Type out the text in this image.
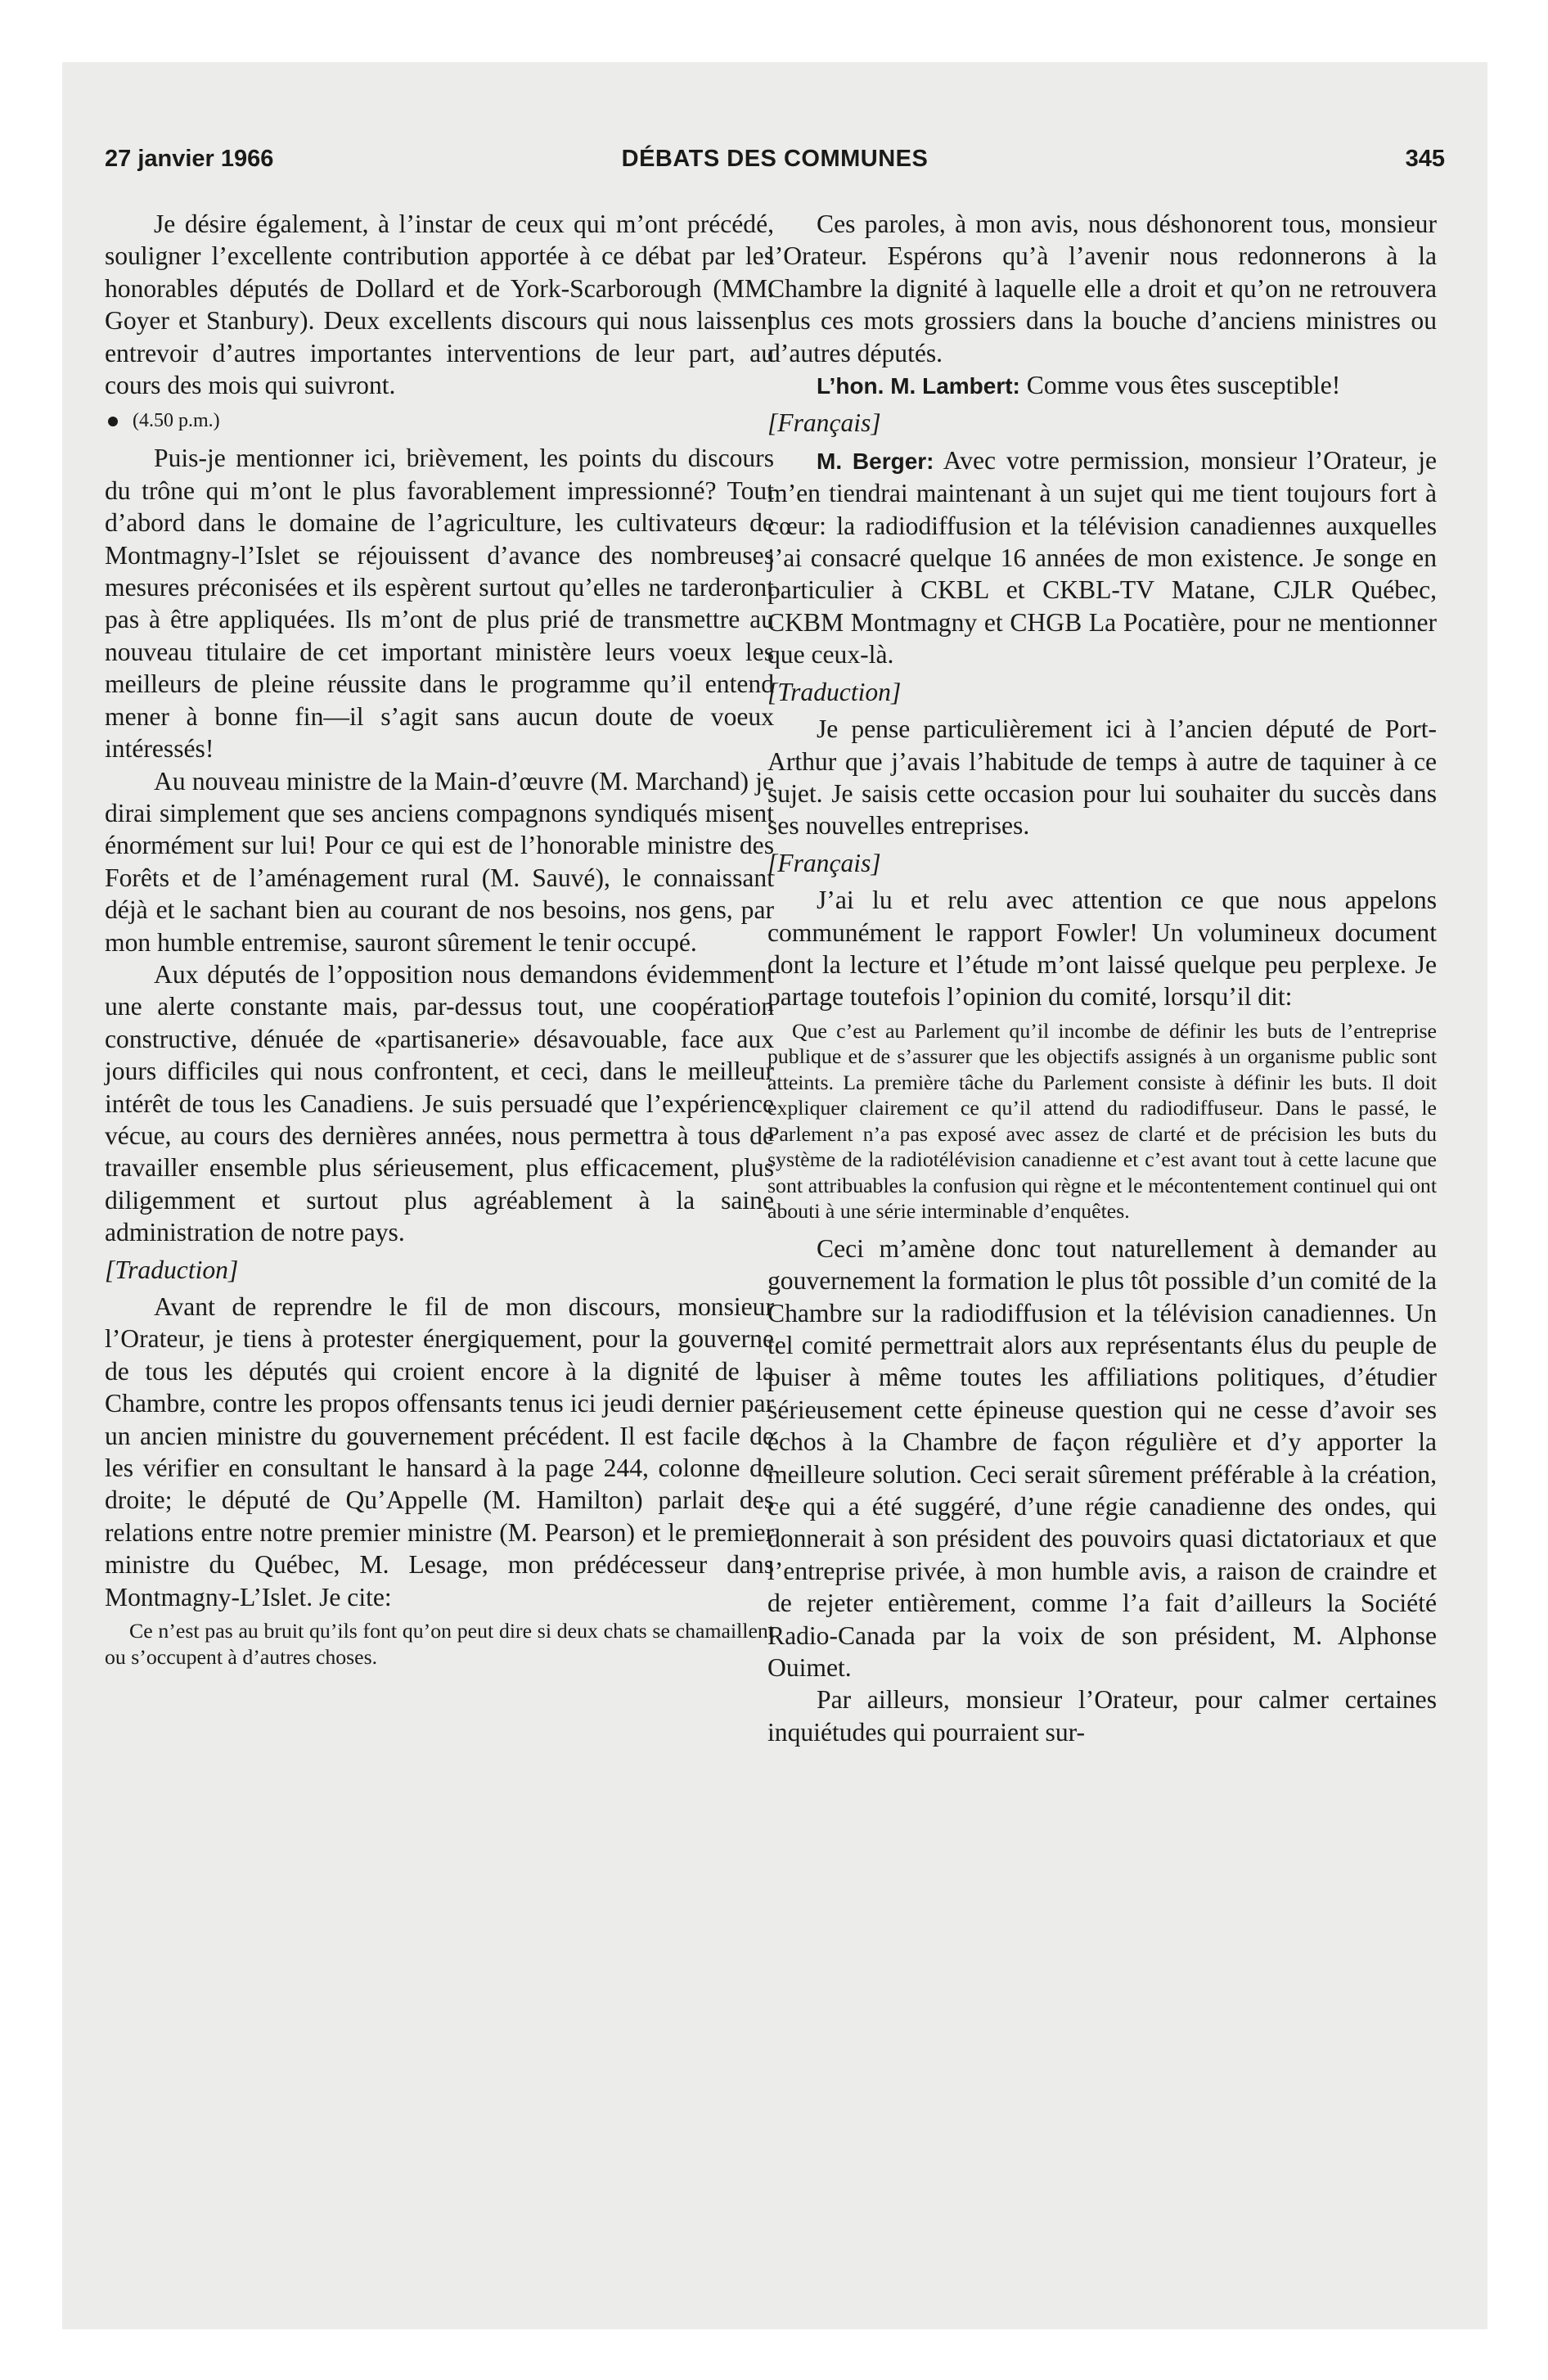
27 janvier 1966	DÉBATS DES COMMUNES	345

Je désire également, à l’instar de ceux qui m’ont précédé, souligner l’excellente contribution apportée à ce débat par les honorables députés de Dollard et de York-Scarborough (MM. Goyer et Stanbury). Deux excellents discours qui nous laissent entrevoir d’autres importantes interventions de leur part, au cours des mois qui suivront.

(4.50 p.m.)

Puis-je mentionner ici, brièvement, les points du discours du trône qui m’ont le plus favorablement impressionné? Tout d’abord dans le domaine de l’agriculture, les cultivateurs de Montmagny-l’Islet se réjouissent d’avance des nombreuses mesures préconisées et ils espèrent surtout qu’elles ne tarderont pas à être appliquées. Ils m’ont de plus prié de transmettre au nouveau titulaire de cet important ministère leurs voeux les meilleurs de pleine réussite dans le programme qu’il entend mener à bonne fin—il s’agit sans aucun doute de voeux intéressés!

Au nouveau ministre de la Main-d’œuvre (M. Marchand) je dirai simplement que ses anciens compagnons syndiqués misent énormément sur lui! Pour ce qui est de l’honorable ministre des Forêts et de l’aménagement rural (M. Sauvé), le connaissant déjà et le sachant bien au courant de nos besoins, nos gens, par mon humble entremise, sauront sûrement le tenir occupé.

Aux députés de l’opposition nous demandons évidemment une alerte constante mais, par-dessus tout, une coopération constructive, dénuée de «partisanerie» désavouable, face aux jours difficiles qui nous confrontent, et ceci, dans le meilleur intérêt de tous les Canadiens. Je suis persuadé que l’expérience vécue, au cours des dernières années, nous permettra à tous de travailler ensemble plus sérieusement, plus efficacement, plus diligemment et surtout plus agréablement à la saine administration de notre pays.

[Traduction]

Avant de reprendre le fil de mon discours, monsieur l’Orateur, je tiens à protester énergiquement, pour la gouverne de tous les députés qui croient encore à la dignité de la Chambre, contre les propos offensants tenus ici jeudi dernier par un ancien ministre du gouvernement précédent. Il est facile de les vérifier en consultant le hansard à la page 244, colonne de droite; le député de Qu’Appelle (M. Hamilton) parlait des relations entre notre premier ministre (M. Pearson) et le premier ministre du Québec, M. Lesage, mon prédécesseur dans Montmagny-L’Islet. Je cite:

Ce n’est pas au bruit qu’ils font qu’on peut dire si deux chats se chamaillent ou s’occupent à d’autres choses.

Ces paroles, à mon avis, nous déshonorent tous, monsieur l’Orateur. Espérons qu’à l’avenir nous redonnerons à la Chambre la dignité à laquelle elle a droit et qu’on ne retrouvera plus ces mots grossiers dans la bouche d’anciens ministres ou d’autres députés.

L’hon. M. Lambert: Comme vous êtes susceptible!

[Français]

M. Berger: Avec votre permission, monsieur l’Orateur, je m’en tiendrai maintenant à un sujet qui me tient toujours fort à cœur: la radiodiffusion et la télévision canadiennes auxquelles j’ai consacré quelque 16 années de mon existence. Je songe en particulier à CKBL et CKBL-TV Matane, CJLR Québec, CKBM Montmagny et CHGB La Pocatière, pour ne mentionner que ceux-là.

[Traduction]

Je pense particulièrement ici à l’ancien député de Port-Arthur que j’avais l’habitude de temps à autre de taquiner à ce sujet. Je saisis cette occasion pour lui souhaiter du succès dans ses nouvelles entreprises.

[Français]

J’ai lu et relu avec attention ce que nous appelons communément le rapport Fowler! Un volumineux document dont la lecture et l’étude m’ont laissé quelque peu perplexe. Je partage toutefois l’opinion du comité, lorsqu’il dit:

Que c’est au Parlement qu’il incombe de définir les buts de l’entreprise publique et de s’assurer que les objectifs assignés à un organisme public sont atteints. La première tâche du Parlement consiste à définir les buts. Il doit expliquer clairement ce qu’il attend du radiodiffuseur. Dans le passé, le Parlement n’a pas exposé avec assez de clarté et de précision les buts du système de la radiotélévision canadienne et c’est avant tout à cette lacune que sont attribuables la confusion qui règne et le mécontentement continuel qui ont abouti à une série interminable d’enquêtes.

Ceci m’amène donc tout naturellement à demander au gouvernement la formation le plus tôt possible d’un comité de la Chambre sur la radiodiffusion et la télévision canadiennes. Un tel comité permettrait alors aux représentants élus du peuple de puiser à même toutes les affiliations politiques, d’étudier sérieusement cette épineuse question qui ne cesse d’avoir ses échos à la Chambre de façon régulière et d’y apporter la meilleure solution. Ceci serait sûrement préférable à la création, ce qui a été suggéré, d’une régie canadienne des ondes, qui donnerait à son président des pouvoirs quasi dictatoriaux et que l’entreprise privée, à mon humble avis, a raison de craindre et de rejeter entièrement, comme l’a fait d’ailleurs la Société Radio-Canada par la voix de son président, M. Alphonse Ouimet.

Par ailleurs, monsieur l’Orateur, pour calmer certaines inquiétudes qui pourraient sur-
